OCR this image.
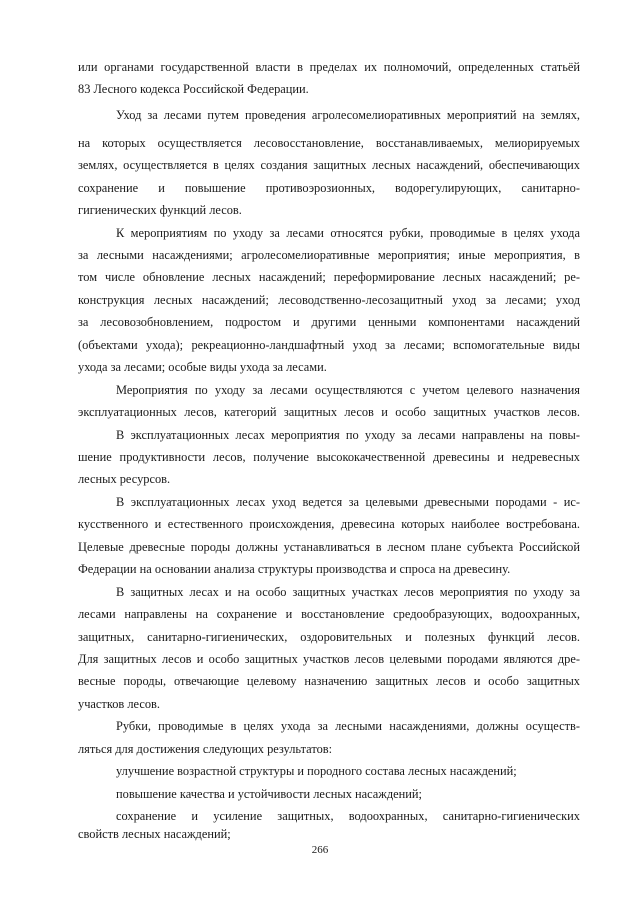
или органами государственной власти в пределах их полномочий, определенных статьёй
83 Лесного кодекса Российской Федерации.
Уход за лесами путем проведения агролесомелиоративных мероприятий на землях,
на которых осуществляется лесовосстановление, восстанавливаемых, мелиорируемых
землях, осуществляется в целях создания защитных лесных насаждений, обеспечивающих
сохранение и повышение противоэрозионных, водорегулирующих, санитарно-
гигиенических функций лесов.
К мероприятиям по уходу за лесами относятся рубки, проводимые в целях ухода
за лесными насаждениями; агролесомелиоративные мероприятия; иные мероприятия, в
том числе обновление лесных насаждений; переформирование лесных насаждений; ре-
конструкция лесных насаждений; лесоводственно-лесозащитный уход за лесами; уход
за лесовозобновлением, подростом и другими ценными компонентами насаждений
(объектами ухода); рекреационно-ландшафтный уход за лесами; вспомогательные виды
ухода за лесами; особые виды ухода за лесами.
Мероприятия по уходу за лесами осуществляются с учетом целевого назначения
эксплуатационных лесов, категорий защитных лесов и особо защитных участков лесов.
В эксплуатационных лесах мероприятия по уходу за лесами направлены на повы-
шение продуктивности лесов, получение высококачественной древесины и недревесных
лесных ресурсов.
В эксплуатационных лесах уход ведется за целевыми древесными породами - ис-
кусственного и естественного происхождения, древесина которых наиболее востребована.
Целевые древесные породы должны устанавливаться в лесном плане субъекта Российской
Федерации на основании анализа структуры производства и спроса на древесину.
В защитных лесах и на особо защитных участках лесов мероприятия по уходу за
лесами направлены на сохранение и восстановление средообразующих, водоохранных,
защитных, санитарно-гигиенических, оздоровительных и полезных функций лесов.
Для защитных лесов и особо защитных участков лесов целевыми породами являются дре-
весные породы, отвечающие целевому назначению защитных лесов и особо защитных
участков лесов.
Рубки, проводимые в целях ухода за лесными насаждениями, должны осуществ-
ляться для достижения следующих результатов:
улучшение возрастной структуры и породного состава лесных насаждений;
повышение качества и устойчивости лесных насаждений;
сохранение и усиление защитных, водоохранных, санитарно-гигиенических
свойств лесных насаждений;
266
